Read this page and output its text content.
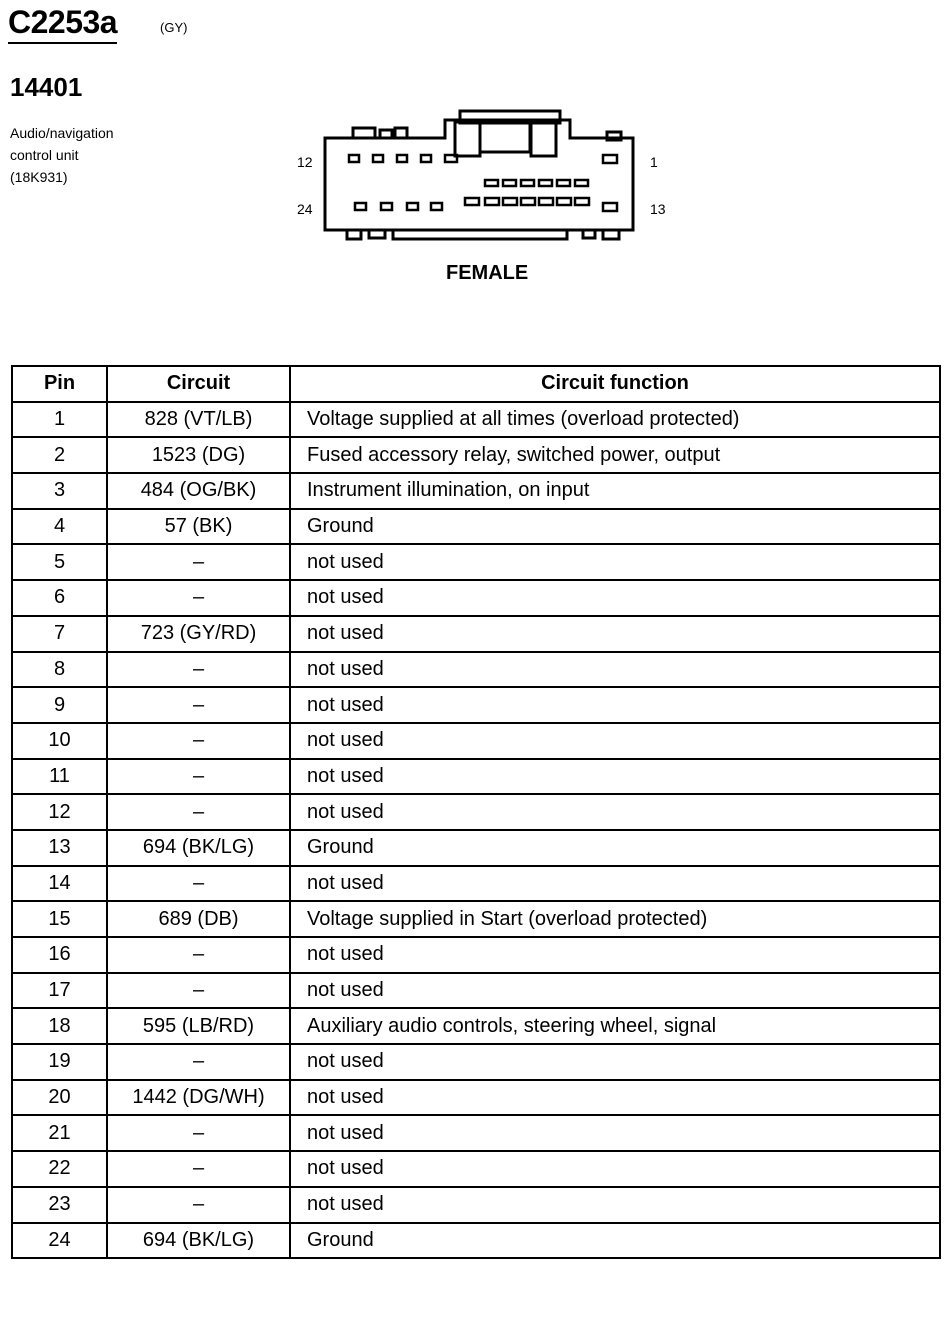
C2253a	(GY)
14401
Audio/navigation
control unit
(18K931)
12	1
24	13
FEMALE
Pin	Circuit	Circuit function
1	828 (VT/LB)	Voltage supplied at all times (overload protected)
2	1523 (DG)	Fused accessory relay, switched power, output
3	484 (OG/BK)	Instrument illumination, on input
4	57 (BK)	Ground
5	–	not used
6	–	not used
7	723 (GY/RD)	not used
8	–	not used
9	–	not used
10	–	not used
11	–	not used
12	–	not used
13	694 (BK/LG)	Ground
14	–	not used
15	689 (DB)	Voltage supplied in Start (overload protected)
16	–	not used
17	–	not used
18	595 (LB/RD)	Auxiliary audio controls, steering wheel, signal
19	–	not used
20	1442 (DG/WH)	not used
21	–	not used
22	–	not used
23	–	not used
24	694 (BK/LG)	Ground
